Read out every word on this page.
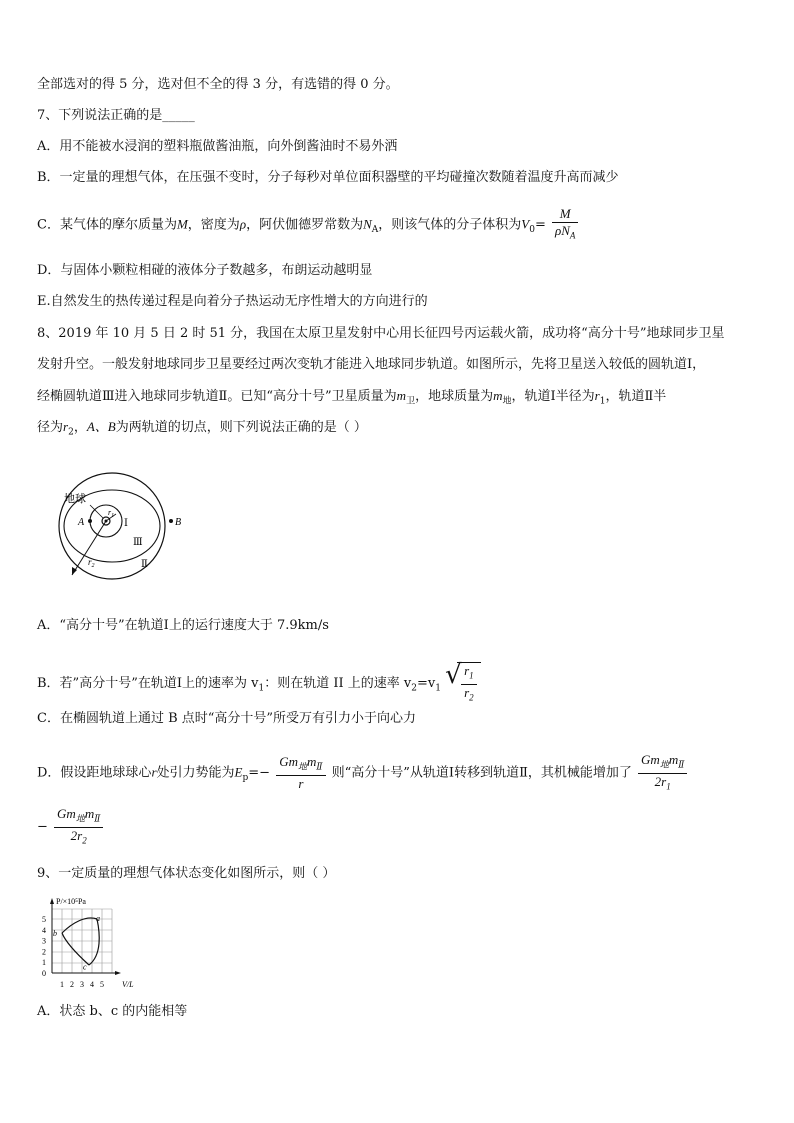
全部选对的得 5 分，选对但不全的得 3 分，有选错的得 0 分。
7、下列说法正确的是_____
A．用不能被水浸润的塑料瓶做酱油瓶，向外倒酱油时不易外洒
B．一定量的理想气体，在压强不变时，分子每秒对单位面积器壁的平均碰撞次数随着温度升高而减少
C．某气体的摩尔质量为M，密度为ρ，阿伏伽德罗常数为$N_A$，则该气体的分子体积为$V_0= \frac{M}{\rho N_A}$
D．与固体小颗粒相碰的液体分子数越多，布朗运动越明显
E.自然发生的热传递过程是向着分子热运动无序性增大的方向进行的
8、2019 年 10 月 5 日 2 时 51 分，我国在太原卫星发射中心用长征四号丙运载火箭，成功将“高分十号”地球同步卫星
发射升空。一般发射地球同步卫星要经过两次变轨才能进入地球同步轨道。如图所示，先将卫星送入较低的圆轨道Ⅰ，
经椭圆轨道Ⅲ进入地球同步轨道Ⅱ。已知“高分十号”卫星质量为$m_卫$，地球质量为$m_地$，轨道Ⅰ半径为$r_1$，轨道Ⅱ半
径为$r_2$，A、B为两轨道的切点，则下列说法正确的是（ ）
地球
A	B
$r_1$
Ⅰ
Ⅲ
Ⅱ
$r_2$
A．“高分十号”在轨道Ⅰ上的运行速度大于 7.9km/s
B．若”高分十号”在轨道Ⅰ上的速率为 $v_1$：则在轨道 II 上的速率 $v_2=v_1$ √ $\frac{r_1}{r_2}$
C．在椭圆轨道上通过 B 点时“高分十号”所受万有引力小于向心力
D．假设距地球球心r处引力势能为$E_p=- \frac{Gm_地m_Ⅱ}{r}$ 则“高分十号”从轨道Ⅰ转移到轨道Ⅱ，其机械能增加了 $\frac{Gm_地m_Ⅱ}{2r_1}$
− $\frac{Gm_地m_Ⅱ}{2r_2}$
9、一定质量的理想气体状态变化如图所示，则（ ）
P/×10⁵Pa
V/L
0
1
2
3
4
5
1 2 3 4 5
a
b
c
A．状态 b、c 的内能相等
